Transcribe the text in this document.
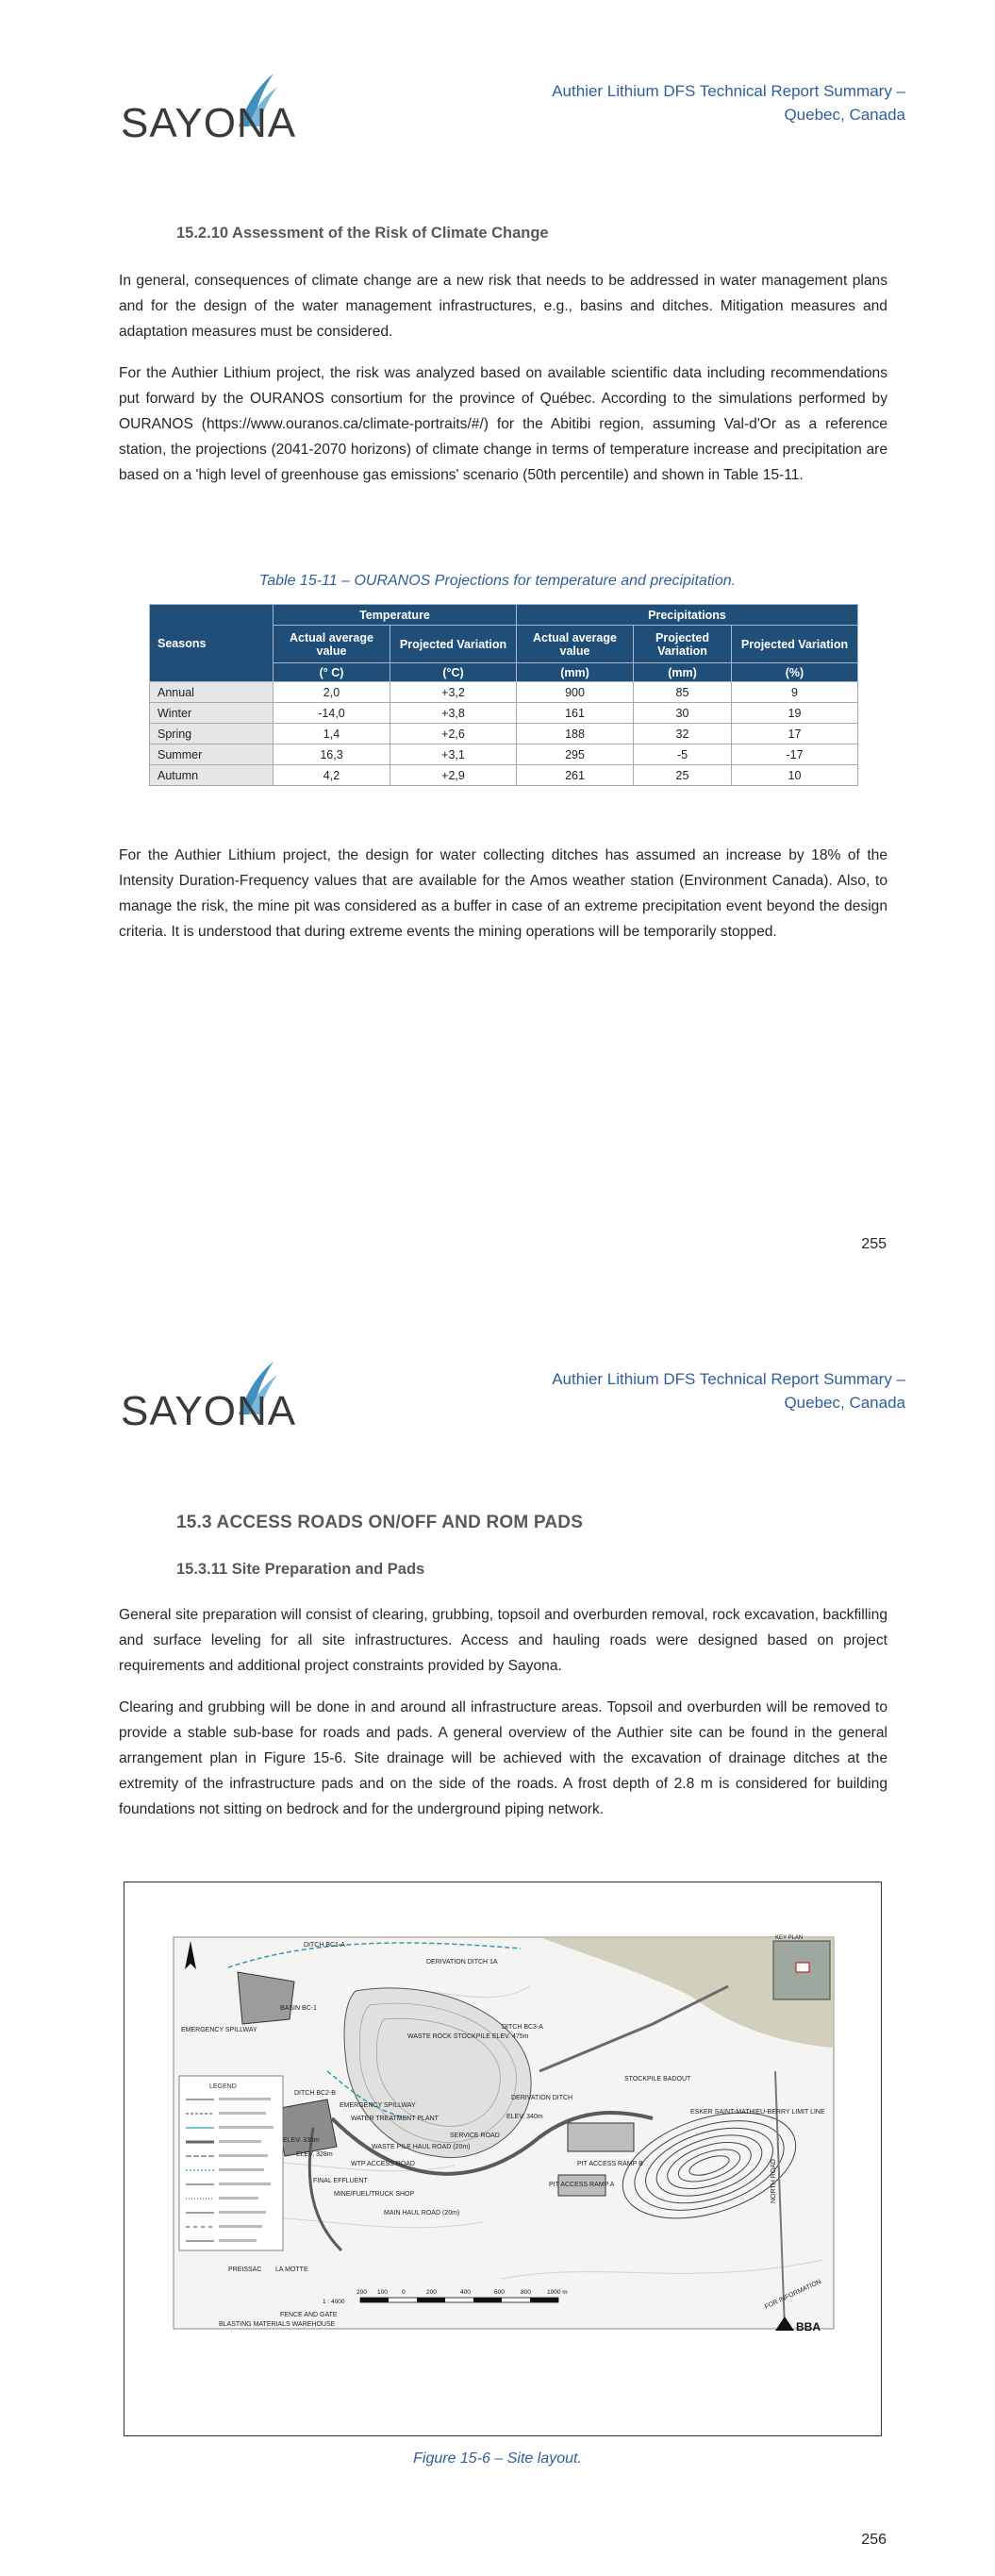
SAYONA
Authier Lithium DFS Technical Report Summary –
Quebec, Canada
15.2.10 Assessment of the Risk of Climate Change

In general, consequences of climate change are a new risk that needs to be addressed in water management plans and for the design of the water management infrastructures, e.g., basins and ditches. Mitigation measures and adaptation measures must be considered.

For the Authier Lithium project, the risk was analyzed based on available scientific data including recommendations put forward by the OURANOS consortium for the province of Québec. According to the simulations performed by OURANOS (https://www.ouranos.ca/climate-portraits/#/) for the Abitibi region, assuming Val-d'Or as a reference station, the projections (2041-2070 horizons) of climate change in terms of temperature increase and precipitation are based on a 'high level of greenhouse gas emissions' scenario (50th percentile) and shown in Table 15-11.

Table 15-11 – OURANOS Projections for temperature and precipitation.
Seasons	Temperature		Precipitations		
	Actual average value	Projected Variation	Actual average value	Projected Variation	Projected Variation
	(° C)	(°C)	(mm)	(mm)	(%)
Annual	2,0	+3,2	900	85	9
Winter	-14,0	+3,8	161	30	19
Spring	1,4	+2,6	188	32	17
Summer	16,3	+3,1	295	-5	-17
Autumn	4,2	+2,9	261	25	10

For the Authier Lithium project, the design for water collecting ditches has assumed an increase by 18% of the Intensity Duration-Frequency values that are available for the Amos weather station (Environment Canada). Also, to manage the risk, the mine pit was considered as a buffer in case of an extreme precipitation event beyond the design criteria. It is understood that during extreme events the mining operations will be temporarily stopped.

255
SAYONA
Authier Lithium DFS Technical Report Summary –
Quebec, Canada
15.3 ACCESS ROADS ON/OFF AND ROM PADS
15.3.11 Site Preparation and Pads

General site preparation will consist of clearing, grubbing, topsoil and overburden removal, rock excavation, backfilling and surface leveling for all site infrastructures. Access and hauling roads were designed based on project requirements and additional project constraints provided by Sayona.

Clearing and grubbing will be done in and around all infrastructure areas. Topsoil and overburden will be removed to provide a stable sub-base for roads and pads. A general overview of the Authier site can be found in the general arrangement plan in Figure 15-6. Site drainage will be achieved with the excavation of drainage ditches at the extremity of the infrastructure pads and on the side of the roads. A frost depth of 2.8 m is considered for building foundations not sitting on bedrock and for the underground piping network.

LEGEND
KEY PLAN
DITCH BC1-A
DERIVATION DITCH 1A
BASIN BC-1
EMERGENCY SPILLWAY
WASTE ROCK STOCKPILE ELEV. 475m
DITCH BC3-A
DITCH BC2-B
EMERGENCY SPILLWAY
WATER TREATMENT PLANT
DERIVATION DITCH
STOCKPILE BADOUT
ESKER SAINT-MATHIEU-BERRY LIMIT LINE
ELEV. 340m
ELEV. 335m
ELEV. 328m
WASTE PILE HAUL ROAD (20m)
SERVICE ROAD
PIT ACCESS RAMP B
PIT ACCESS RAMP A
WTP ACCESS ROAD
FINAL EFFLUENT
MINE/FUEL/TRUCK SHOP
MAIN HAUL ROAD (20m)
PREISSAC LA MOTTE
NORTH ROAD
FENCE AND GATE
BLASTING MATERIALS WAREHOUSE
FOR INFORMATION
200 100 0	200	400	600	800	1000 m
1 : 4000
BBA
Figure 15-6 – Site layout.
256
